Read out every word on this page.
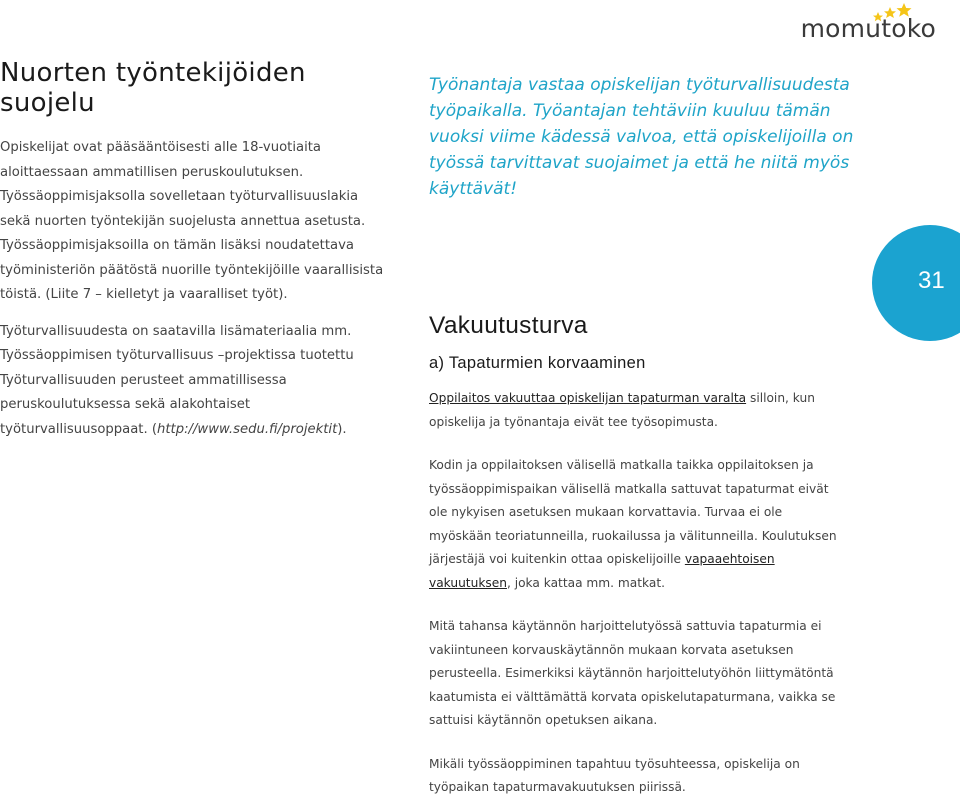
momutoko
Nuorten työntekijöiden suojelu

Opiskelijat ovat pääsääntöisesti alle 18-vuotiaita aloittaessaan ammatillisen peruskoulutuksen. Työssäoppimisjaksolla sovelletaan työturvallisuuslakia sekä nuorten työntekijän suojelusta annettua asetusta. Työssäoppimisjaksoilla on tämän lisäksi noudatettava työministeriön päätöstä nuorille työntekijöille vaarallisista töistä. (Liite 7 – kielletyt ja vaaralliset työt).

Työturvallisuudesta on saatavilla lisämateriaalia mm. Työssäoppimisen työturvallisuus –projektissa tuotettu Työturvallisuuden perusteet ammatillisessa peruskoulutuksessa sekä alakohtaiset työturvallisuusoppaat. (http://www.sedu.fi/projektit).

Työnantaja vastaa opiskelijan työturvallisuudesta työpaikalla. Työantajan tehtäviin kuuluu tämän vuoksi viime kädessä valvoa, että opiskelijoilla on työssä tarvittavat suojaimet ja että he niitä myös käyttävät!
31
Vakuutusturva
a) Tapaturmien korvaaminen

Oppilaitos vakuuttaa opiskelijan tapaturman varalta silloin, kun opiskelija ja työnantaja eivät tee työsopimusta.

Kodin ja oppilaitoksen välisellä matkalla taikka oppilaitoksen ja työssäoppimispaikan välisellä matkalla sattuvat tapaturmat eivät ole nykyisen asetuksen mukaan korvattavia. Turvaa ei ole myöskään teoriatunneilla, ruokailussa ja välitunneilla. Koulutuksen järjestäjä voi kuitenkin ottaa opiskelijoille vapaaehtoisen vakuutuksen, joka kattaa mm. matkat.

Mitä tahansa käytännön harjoittelutyössä sattuvia tapaturmia ei vakiintuneen korvauskäytännön mukaan korvata asetuksen perusteella. Esimerkiksi käytännön harjoittelutyöhön liittymätöntä kaatumista ei välttämättä korvata opiskelutapaturmana, vaikka se sattuisi käytännön opetuksen aikana.

Mikäli työssäoppiminen tapahtuu työsuhteessa, opiskelija on työpaikan tapaturmavakuutuksen piirissä.
